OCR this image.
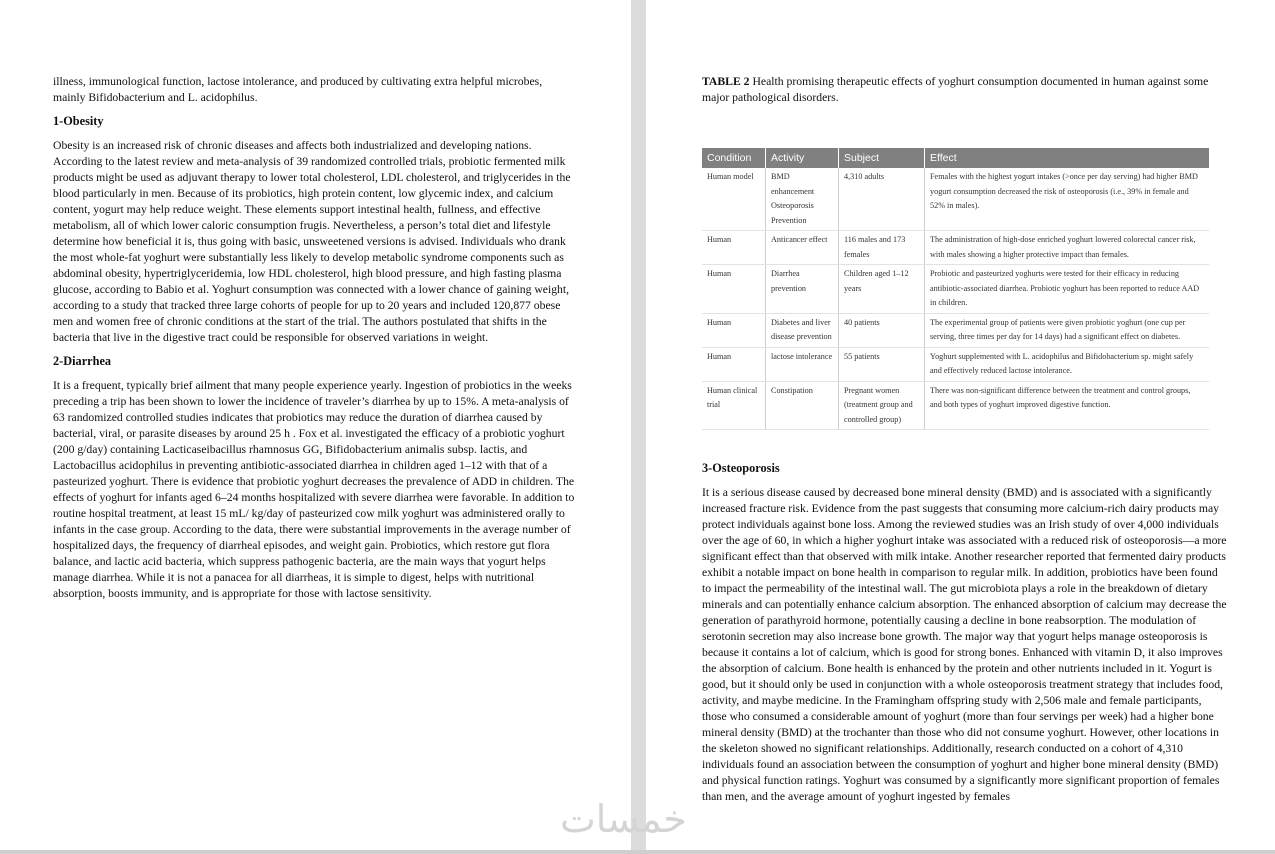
illness, immunological function, lactose intolerance, and produced by cultivating extra helpful microbes, mainly Bifidobacterium and L. acidophilus.

1-Obesity

Obesity is an increased risk of chronic diseases and affects both industrialized and developing nations. According to the latest review and meta-analysis of 39 randomized controlled trials, probiotic fermented milk products might be used as adjuvant therapy to lower total cholesterol, LDL cholesterol, and triglycerides in the blood particularly in men. Because of its probiotics, high protein content, low glycemic index, and calcium content, yogurt may help reduce weight. These elements support intestinal health, fullness, and effective metabolism, all of which lower caloric consumption frugis. Nevertheless, a person’s total diet and lifestyle determine how beneficial it is, thus going with basic, unsweetened versions is advised. Individuals who drank the most whole-fat yoghurt were substantially less likely to develop metabolic syndrome components such as abdominal obesity, hypertriglyceridemia, low HDL cholesterol, high blood pressure, and high fasting plasma glucose, according to Babio et al. Yoghurt consumption was connected with a lower chance of gaining weight, according to a study that tracked three large cohorts of people for up to 20 years and included 120,877 obese men and women free of chronic conditions at the start of the trial. The authors postulated that shifts in the bacteria that live in the digestive tract could be responsible for observed variations in weight.

2-Diarrhea

It is a frequent, typically brief ailment that many people experience yearly. Ingestion of probiotics in the weeks preceding a trip has been shown to lower the incidence of traveler’s diarrhea by up to 15%. A meta-analysis of 63 randomized controlled studies indicates that probiotics may reduce the duration of diarrhea caused by bacterial, viral, or parasite diseases by around 25 h . Fox et al. investigated the efficacy of a probiotic yoghurt (200 g/day) containing Lacticaseibacillus rhamnosus GG, Bifidobacterium animalis subsp. lactis, and Lactobacillus acidophilus in preventing antibiotic-associated diarrhea in children aged 1–12 with that of a pasteurized yoghurt. There is evidence that probiotic yoghurt decreases the prevalence of ADD in children. The effects of yoghurt for infants aged 6–24 months hospitalized with severe diarrhea were favorable. In addition to routine hospital treatment, at least 15 mL/ kg/day of pasteurized cow milk yoghurt was administered orally to infants in the case group. According to the data, there were substantial improvements in the average number of hospitalized days, the frequency of diarrheal episodes, and weight gain. Probiotics, which restore gut flora balance, and lactic acid bacteria, which suppress pathogenic bacteria, are the main ways that yogurt helps manage diarrhea. While it is not a panacea for all diarrheas, it is simple to digest, helps with nutritional absorption, boosts immunity, and is appropriate for those with lactose sensitivity.

TABLE 2 Health promising therapeutic effects of yoghurt consumption documented in human against some major pathological disorders.

Condition	Activity	Subject	Effect
Human model	BMD enhancement Osteoporosis Prevention	4,310 adults	Females with the highest yogurt intakes (>once per day serving) had higher BMD yogurt consumption decreased the risk of osteoporosis (i.e., 39% in female and 52% in males).
Human	Anticancer effect	116 males and 173 females	The administration of high-dose enriched yoghurt lowered colorectal cancer risk, with males showing a higher protective impact than females.
Human	Diarrhea prevention	Children aged 1–12 years	Probiotic and pasteurized yoghurts were tested for their efficacy in reducing antibiotic-associated diarrhea. Probiotic yoghurt has been reported to reduce AAD in children.
Human	Diabetes and liver disease prevention	40 patients	The experimental group of patients were given probiotic yoghurt (one cup per serving, three times per day for 14 days) had a significant effect on diabetes.
Human	lactose intolerance	55 patients	Yoghurt supplemented with L. acidophilus and Bifidobacterium sp. might safely and effectively reduced lactose intolerance.
Human clinical trial	Constipation	Pregnant women (treatment group and controlled group)	There was non-significant difference between the treatment and control groups, and both types of yoghurt improved digestive function.
3-Osteoporosis

It is a serious disease caused by decreased bone mineral density (BMD) and is associated with a significantly increased fracture risk. Evidence from the past suggests that consuming more calcium-rich dairy products may protect individuals against bone loss. Among the reviewed studies was an Irish study of over 4,000 individuals over the age of 60, in which a higher yoghurt intake was associated with a reduced risk of osteoporosis—a more significant effect than that observed with milk intake. Another researcher reported that fermented dairy products exhibit a notable impact on bone health in comparison to regular milk. In addition, probiotics have been found to impact the permeability of the intestinal wall. The gut microbiota plays a role in the breakdown of dietary minerals and can potentially enhance calcium absorption. The enhanced absorption of calcium may decrease the generation of parathyroid hormone, potentially causing a decline in bone reabsorption. The modulation of serotonin secretion may also increase bone growth. The major way that yogurt helps manage osteoporosis is because it contains a lot of calcium, which is good for strong bones. Enhanced with vitamin D, it also improves the absorption of calcium. Bone health is enhanced by the protein and other nutrients included in it. Yogurt is good, but it should only be used in conjunction with a whole osteoporosis treatment strategy that includes food, activity, and maybe medicine. In the Framingham offspring study with 2,506 male and female participants, those who consumed a considerable amount of yoghurt (more than four servings per week) had a higher bone mineral density (BMD) at the trochanter than those who did not consume yoghurt. However, other locations in the skeleton showed no significant relationships. Additionally, research conducted on a cohort of 4,310 individuals found an association between the consumption of yoghurt and higher bone mineral density (BMD) and physical function ratings. Yoghurt was consumed by a significantly more significant proportion of females than men, and the average amount of yoghurt ingested by females

خمسات
